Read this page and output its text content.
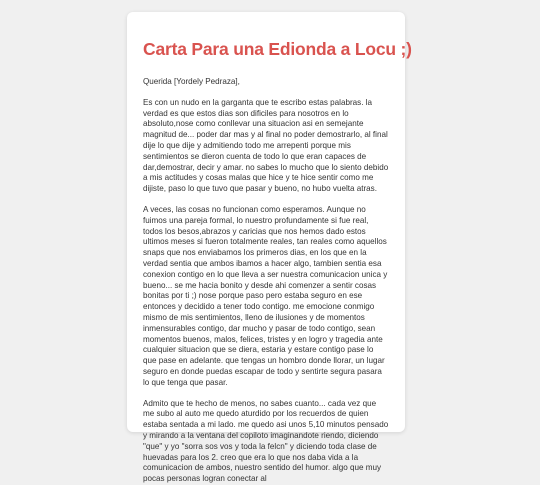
Carta Para una Edionda a Locu ;)

Querida [Yordely Pedraza],

Es con un nudo en la garganta que te escribo estas palabras. la verdad es que estos dias son dificiles para nosotros en lo absoluto,nose como conllevar una situacion asi en semejante magnitud de... poder dar mas y al final no poder demostrarlo, al final dije lo que dije y admitiendo todo me arrepenti porque mis sentimientos se dieron cuenta de todo lo que eran capaces de dar,demostrar, decir y amar. no sabes lo mucho que lo siento debido a mis actitudes y cosas malas que hice y te hice sentir como me dijiste, paso lo que tuvo que pasar y bueno, no hubo vuelta atras.

A veces, las cosas no funcionan como esperamos. Aunque no fuimos una pareja formal, lo nuestro profundamente si fue real, todos los besos,abrazos y caricias que nos hemos dado estos ultimos meses si fueron totalmente reales, tan reales como aquellos snaps que nos enviabamos los primeros dias, en los que en la verdad sentia que ambos ibamos a hacer algo, tambien sentia esa conexion contigo en lo que lleva a ser nuestra comunicacion unica y bueno... se me hacia bonito y desde ahi comenzer a sentir cosas bonitas por ti ;) nose porque paso pero estaba seguro en ese entonces y decidido a tener todo contigo. me emocione conmigo mismo de mis sentimientos, lleno de ilusiones y de momentos inmensurables contigo, dar mucho y pasar de todo contigo, sean momentos buenos, malos, felices, tristes y en logro y tragedia ante cualquier situacion que se diera, estaria y estare contigo pase lo que pase en adelante. que tengas un hombro donde llorar, un lugar seguro en donde puedas escapar de todo y sentirte segura pasara lo que tenga que pasar.

Admito que te hecho de menos, no sabes cuanto... cada vez que me subo al auto me quedo aturdido por los recuerdos de quien estaba sentada a mi lado. me quedo asi unos 5,10 minutos pensado y mirando a la ventana del copiloto imaginandote riendo, diciendo "que" y yo "sorra sos vos y toda la felcn" y diciendo toda clase de huevadas para los 2. creo que era lo que nos daba vida a la comunicacion de ambos, nuestro sentido del humor. algo que muy pocas personas logran conectar al
